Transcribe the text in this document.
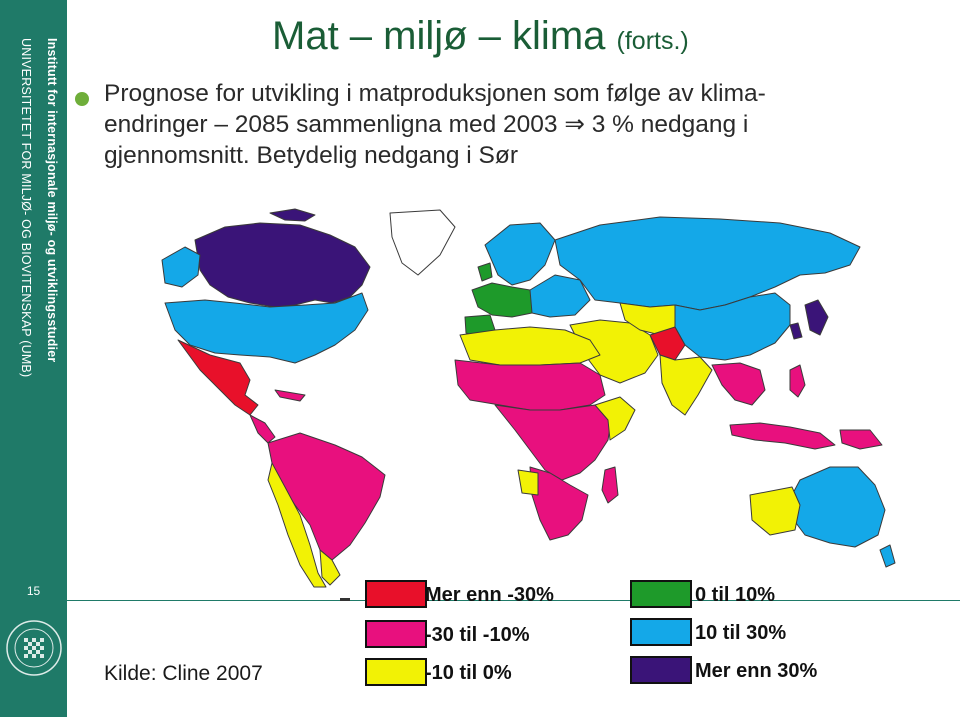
Institutt for internasjonale miljø- og utviklingsstudier
UNIVERSITETET FOR MILJØ- OG BIOVITENSKAP (UMB)
15
Mat – miljø – klima (forts.)

Prognose for utvikling i matproduksjonen som følge av klima-
endringer – 2085 sammenligna med 2003 ⇒ 3 % nedgang i
gjennomsnitt. Betydelig nedgang i Sør

Mer enn -30%
-30 til -10%
-10 til 0%
0 til 10%
10 til 30%
Mer enn 30%
Kilde: Cline 2007
